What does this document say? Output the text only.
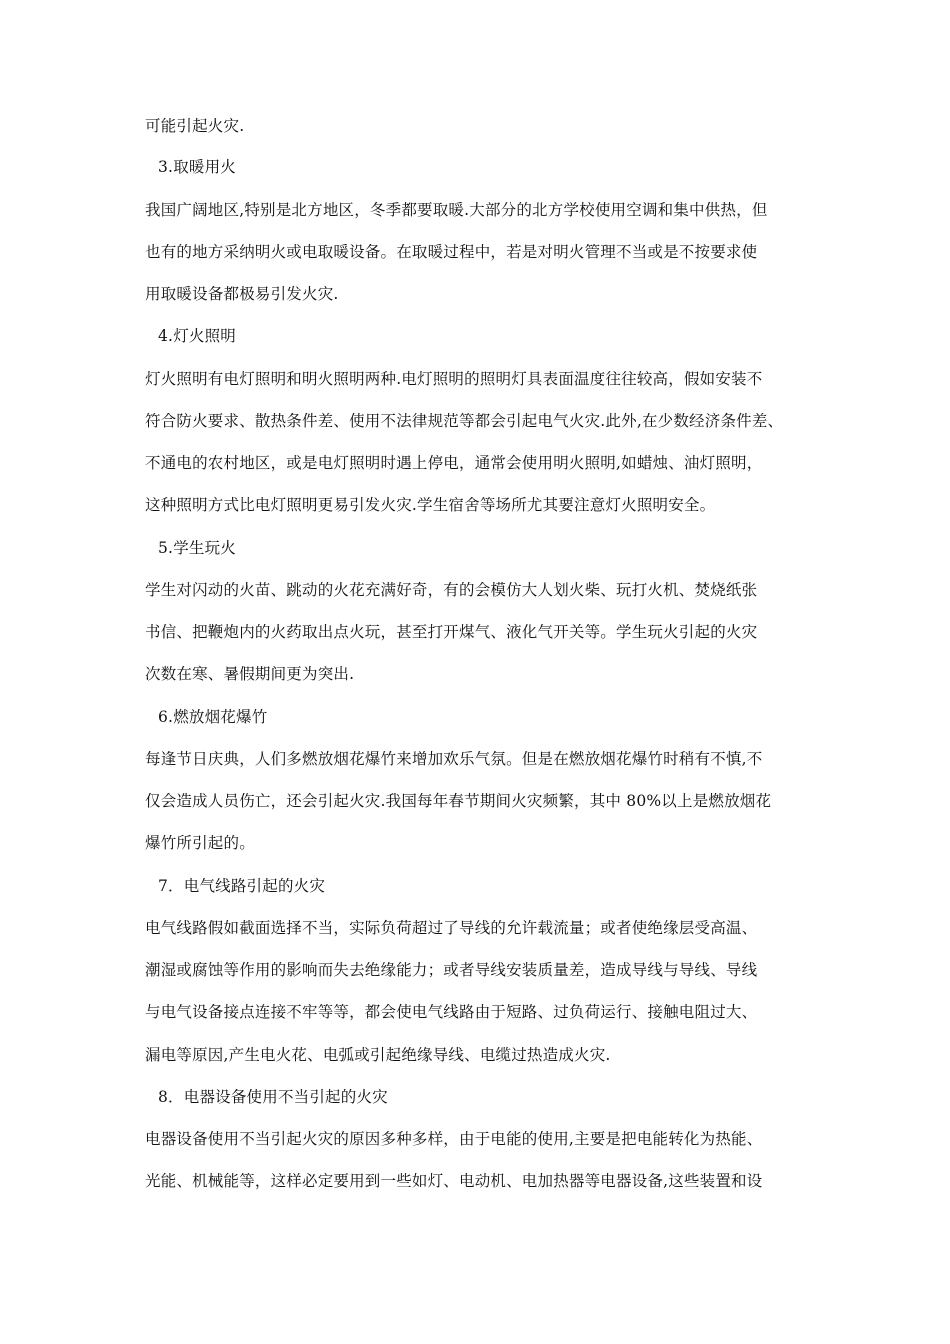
可能引起火灾.
3.取暖用火
我国广阔地区,特别是北方地区，冬季都要取暖.大部分的北方学校使用空调和集中供热，但
也有的地方采纳明火或电取暖设备。在取暖过程中，若是对明火管理不当或是不按要求使
用取暖设备都极易引发火灾.
4.灯火照明
灯火照明有电灯照明和明火照明两种.电灯照明的照明灯具表面温度往往较高，假如安装不
符合防火要求、散热条件差、使用不法律规范等都会引起电气火灾.此外,在少数经济条件差、
不通电的农村地区，或是电灯照明时遇上停电，通常会使用明火照明,如蜡烛、油灯照明，
这种照明方式比电灯照明更易引发火灾.学生宿舍等场所尤其要注意灯火照明安全。
5.学生玩火
学生对闪动的火苗、跳动的火花充满好奇，有的会模仿大人划火柴、玩打火机、焚烧纸张
书信、把鞭炮内的火药取出点火玩，甚至打开煤气、液化气开关等。学生玩火引起的火灾
次数在寒、暑假期间更为突出.
6.燃放烟花爆竹
每逢节日庆典，人们多燃放烟花爆竹来增加欢乐气氛。但是在燃放烟花爆竹时稍有不慎,不
仅会造成人员伤亡，还会引起火灾.我国每年春节期间火灾频繁，其中 80%以上是燃放烟花
爆竹所引起的。
7．电气线路引起的火灾
电气线路假如截面选择不当，实际负荷超过了导线的允许载流量；或者使绝缘层受高温、
潮湿或腐蚀等作用的影响而失去绝缘能力；或者导线安装质量差，造成导线与导线、导线
与电气设备接点连接不牢等等，都会使电气线路由于短路、过负荷运行、接触电阻过大、
漏电等原因,产生电火花、电弧或引起绝缘导线、电缆过热造成火灾.
8．电器设备使用不当引起的火灾
电器设备使用不当引起火灾的原因多种多样，由于电能的使用,主要是把电能转化为热能、
光能、机械能等，这样必定要用到一些如灯、电动机、电加热器等电器设备,这些装置和设
